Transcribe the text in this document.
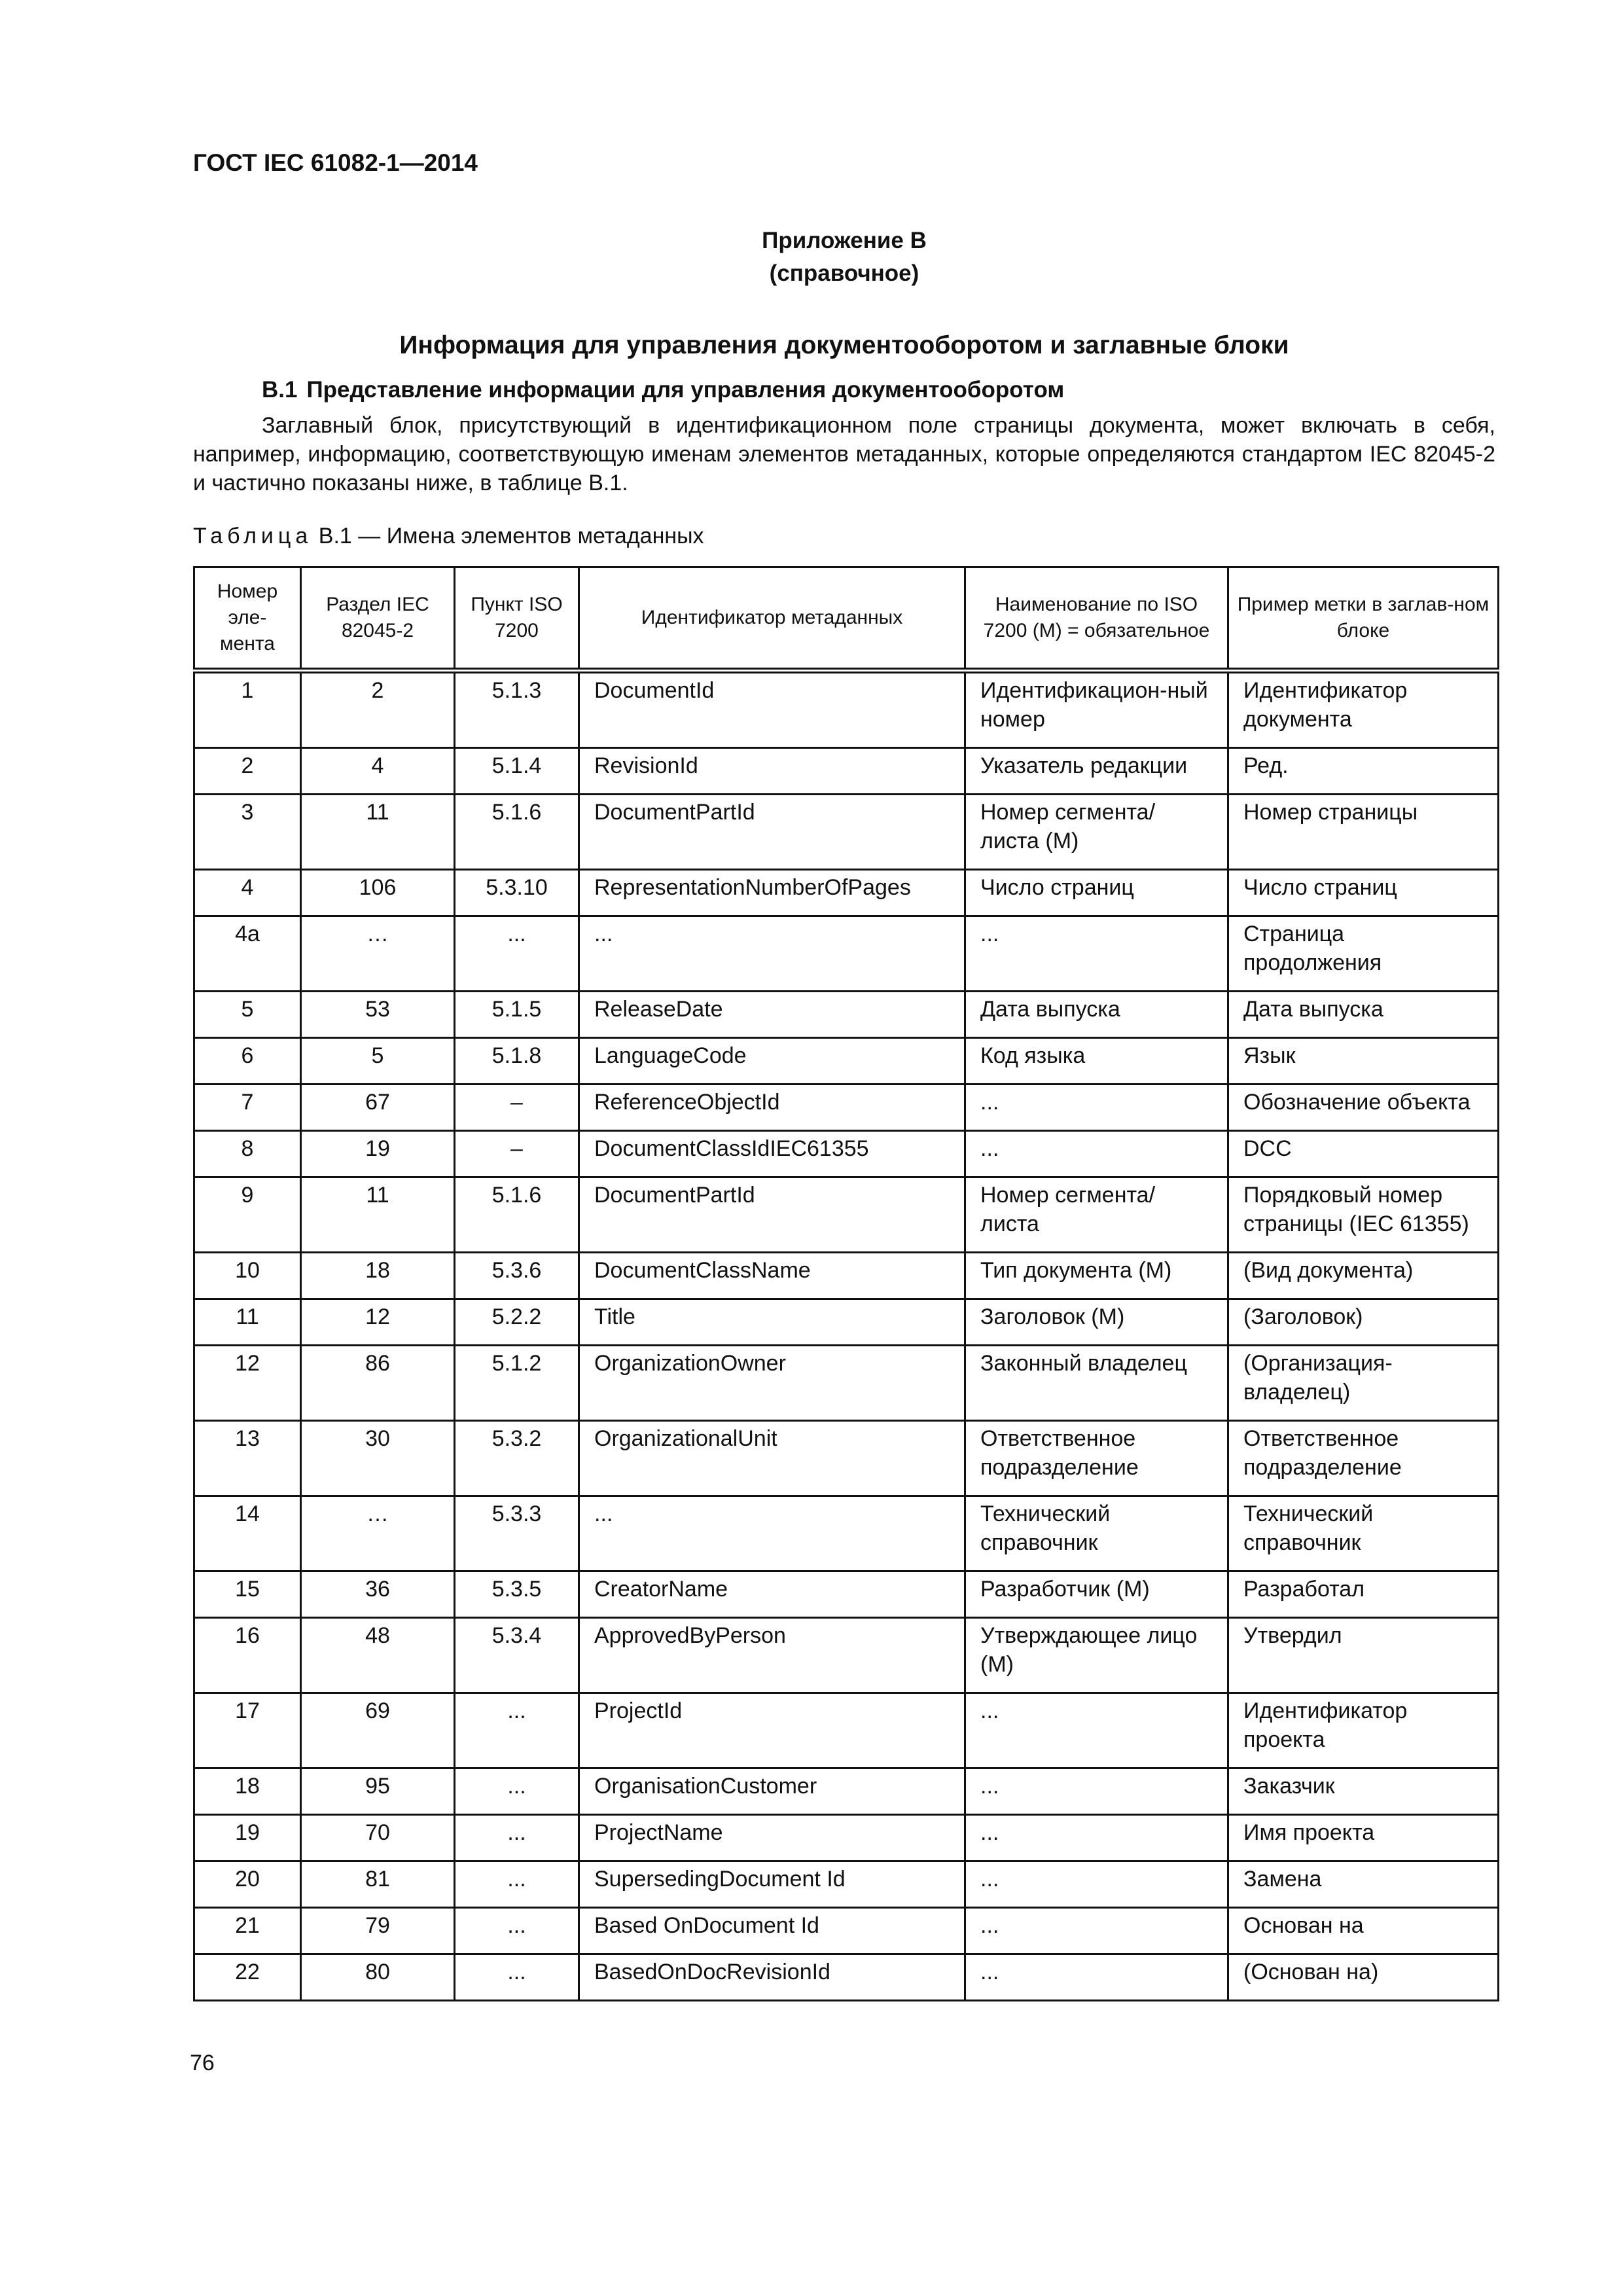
ГОСТ IEC 61082-1—2014
Приложение В
(справочное)
Информация для управления документооборотом и заглавные блоки
В.1 Представление информации для управления документооборотом

Заглавный блок, присутствующий в идентификационном поле страницы документа, может включать в себя, например, информацию, соответствующую именам элементов метаданных, которые определяются стандартом IEC 82045-2 и частично показаны ниже, в таблице В.1.

Таблица В.1 — Имена элементов метаданных
Номер эле-мента	Раздел IEC 82045-2	Пункт ISO 7200	Идентификатор метаданных	Наименование по ISO 7200 (М) = обязательное	Пример метки в заглав-ном блоке
1	2	5.1.3	DocumentId	Идентификацион-ный номер	Идентификатор документа
2	4	5.1.4	RevisionId	Указатель редакции	Ред.
3	11	5.1.6	DocumentPartId	Номер сегмента/ листа (М)	Номер страницы
4	106	5.3.10	RepresentationNumberOfPages	Число страниц	Число страниц
4а	…	...	...	...	Страница продолжения
5	53	5.1.5	ReleaseDate	Дата выпуска	Дата выпуска
6	5	5.1.8	LanguageCode	Код языка	Язык
7	67	–	ReferenceObjectId	...	Обозначение объекта
8	19	–	DocumentClassIdIEC61355	...	DCC
9	11	5.1.6	DocumentPartId	Номер сегмента/ листа	Порядковый номер страницы (IEC 61355)
10	18	5.3.6	DocumentClassName	Тип документа (М)	(Вид документа)
11	12	5.2.2	Title	Заголовок (М)	(Заголовок)
12	86	5.1.2	OrganizationOwner	Законный владелец	(Организация-владелец)
13	30	5.3.2	OrganizationalUnit	Ответственное подразделение	Ответственное подразделение
14	…	5.3.3	...	Технический справочник	Технический справочник
15	36	5.3.5	CreatorName	Разработчик (М)	Разработал
16	48	5.3.4	ApprovedByPerson	Утверждающее лицо (М)	Утвердил
17	69	...	ProjectId	...	Идентификатор проекта
18	95	...	OrganisationCustomer	...	Заказчик
19	70	...	ProjectName	...	Имя проекта
20	81	...	SupersedingDocument Id	...	Замена
21	79	...	Based OnDocument Id	...	Основан на
22	80	...	BasedOnDocRevisionId	...	(Основан на)
76
